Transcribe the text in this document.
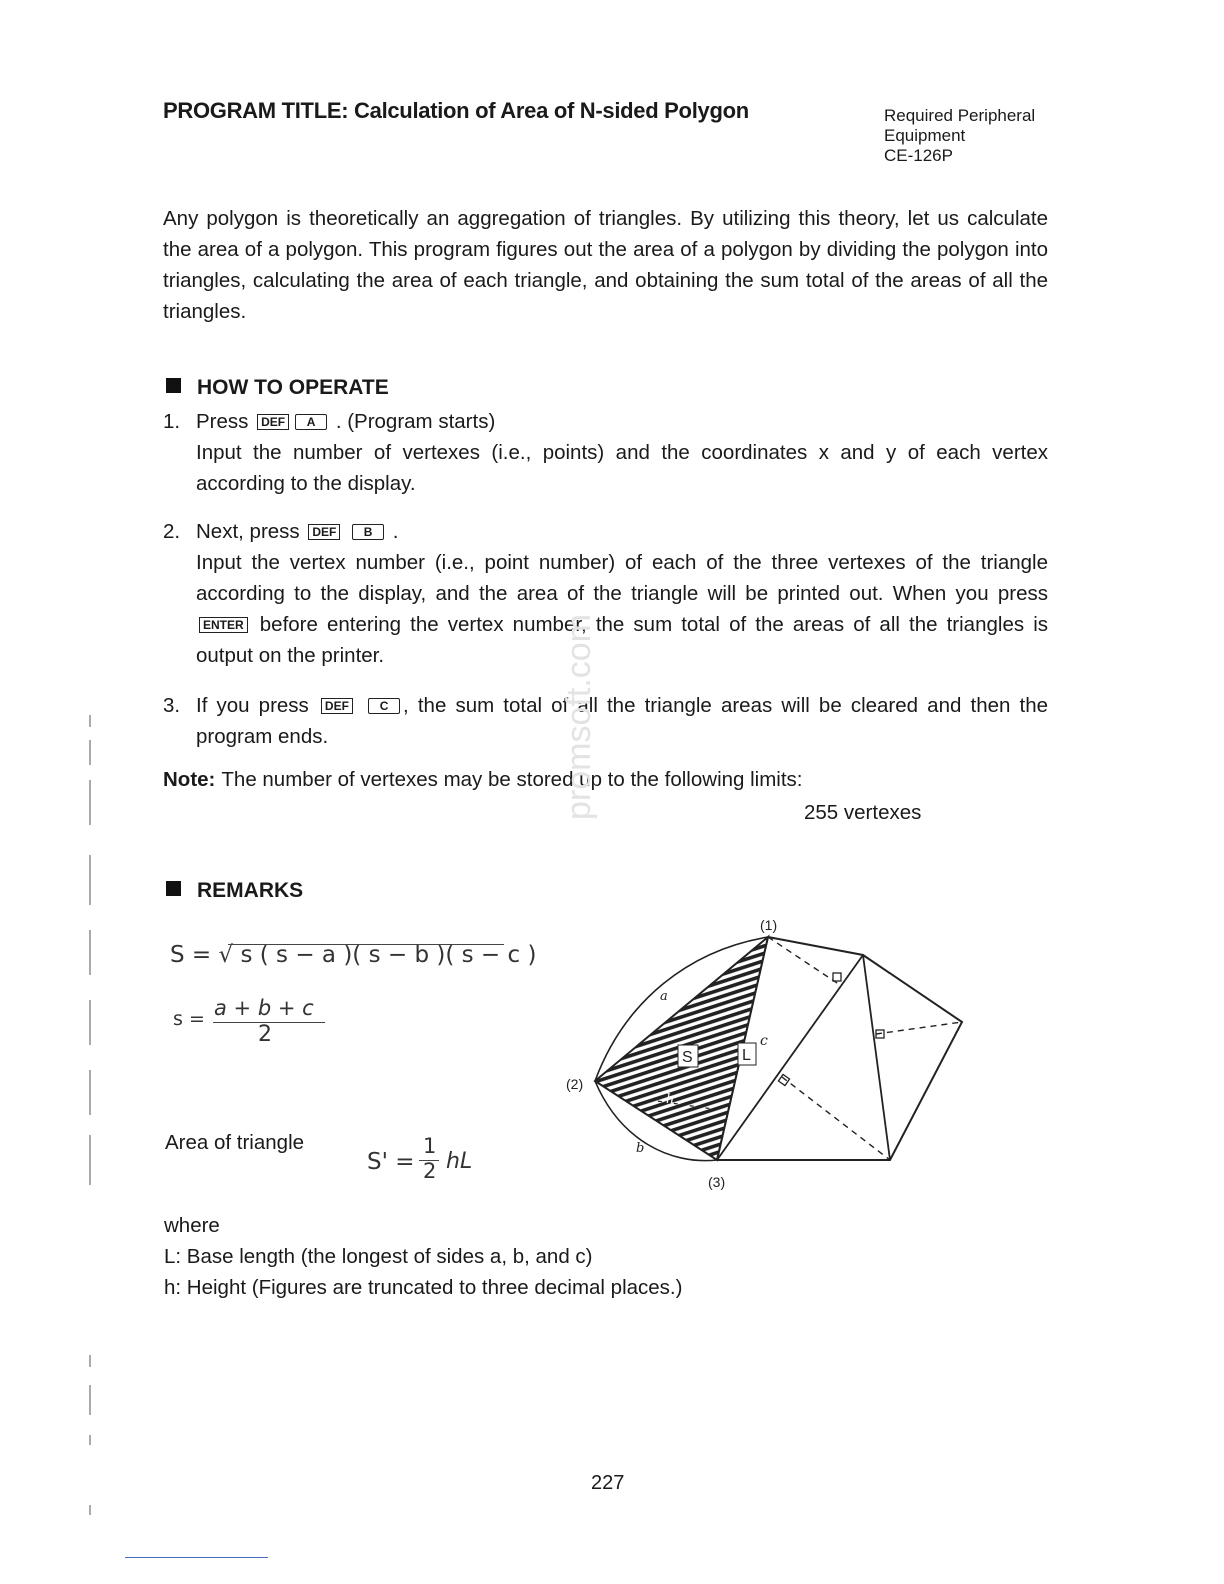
PROGRAM TITLE: Calculation of Area of N-sided Polygon	Required Peripheral
Equipment
CE-126P
Any polygon is theoretically an aggregation of triangles. By utilizing this theory, let us calculate the area of a polygon. This program figures out the area of a polygon by dividing the polygon into triangles, calculating the area of each triangle, and obtaining the sum total of the areas of all the triangles.
HOW TO OPERATE
1. Press DEF A . (Program starts)
Input the number of vertexes (i.e., points) and the coordinates x and y of each vertex according to the display.
2. Next, press DEF B .
Input the vertex number (i.e., point number) of each of the three vertexes of the triangle according to the display, and the area of the triangle will be printed out. When you press ENTER before entering the vertex number, the sum total of the areas of all the triangles is output on the printer.
3. If you press DEF	C , the sum total of all the triangle areas will be cleared and then the program ends.
Note: The number of vertexes may be stored up to the following limits:
255 vertexes
promsoft.com
REMARKS
S = √ s ( s − a )( s − b )( s − c )
s = a + b + c
2
Area of triangle
S' =
1
2 hL
(1)
(2)
(3)
a
b
c
h
S	L
where
L: Base length (the longest of sides a, b, and c)
h: Height (Figures are truncated to three decimal places.)
227
